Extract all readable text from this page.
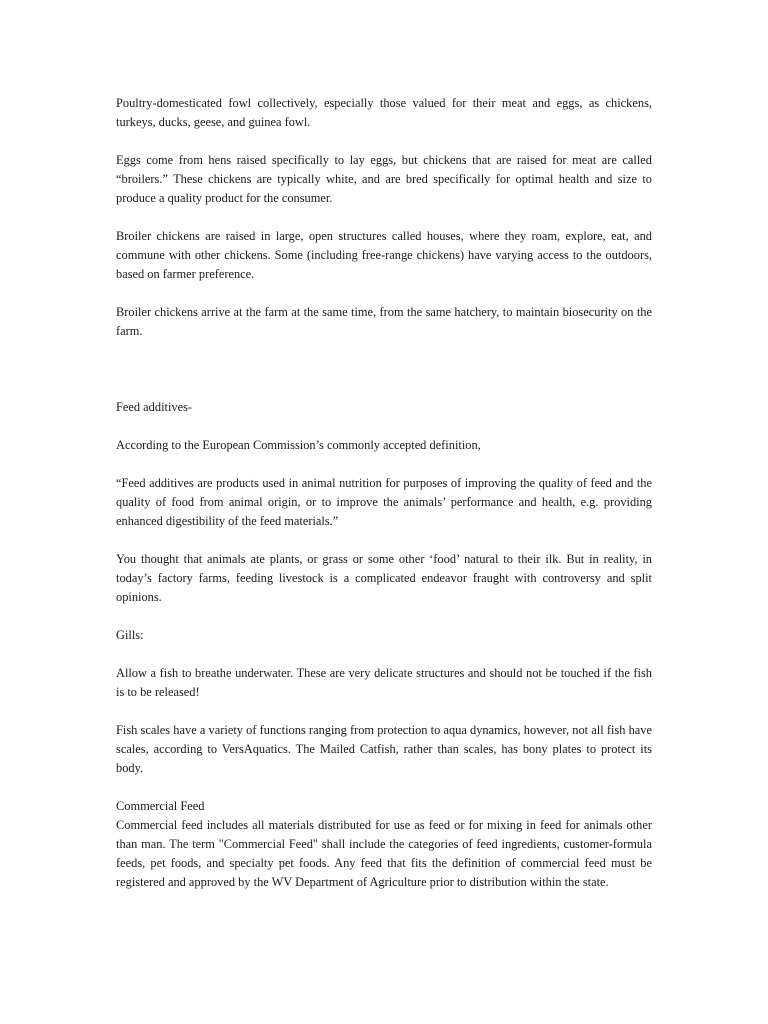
Poultry-domesticated fowl collectively, especially those valued for their meat and eggs, as chickens, turkeys, ducks, geese, and guinea fowl.

Eggs come from hens raised specifically to lay eggs, but chickens that are raised for meat are called “broilers.” These chickens are typically white, and are bred specifically for optimal health and size to produce a quality product for the consumer.

Broiler chickens are raised in large, open structures called houses, where they roam, explore, eat, and commune with other chickens. Some (including free-range chickens) have varying access to the outdoors, based on farmer preference.

Broiler chickens arrive at the farm at the same time, from the same hatchery, to maintain biosecurity on the farm.

Feed additives-

According to the European Commission’s commonly accepted definition,

“Feed additives are products used in animal nutrition for purposes of improving the quality of feed and the quality of food from animal origin, or to improve the animals’ performance and health, e.g. providing enhanced digestibility of the feed materials.”

You thought that animals ate plants, or grass or some other ‘food’ natural to their ilk. But in reality, in today’s factory farms, feeding livestock is a complicated endeavor fraught with controversy and split opinions.

Gills:

Allow a fish to breathe underwater. These are very delicate structures and should not be touched if the fish is to be released!

Fish scales have a variety of functions ranging from protection to aqua dynamics, however, not all fish have scales, according to VersAquatics. The Mailed Catfish, rather than scales, has bony plates to protect its body.

Commercial Feed

Commercial feed includes all materials distributed for use as feed or for mixing in feed for animals other than man. The term "Commercial Feed" shall include the categories of feed ingredients, customer-formula feeds, pet foods, and specialty pet foods. Any feed that fits the definition of commercial feed must be registered and approved by the WV Department of Agriculture prior to distribution within the state.
